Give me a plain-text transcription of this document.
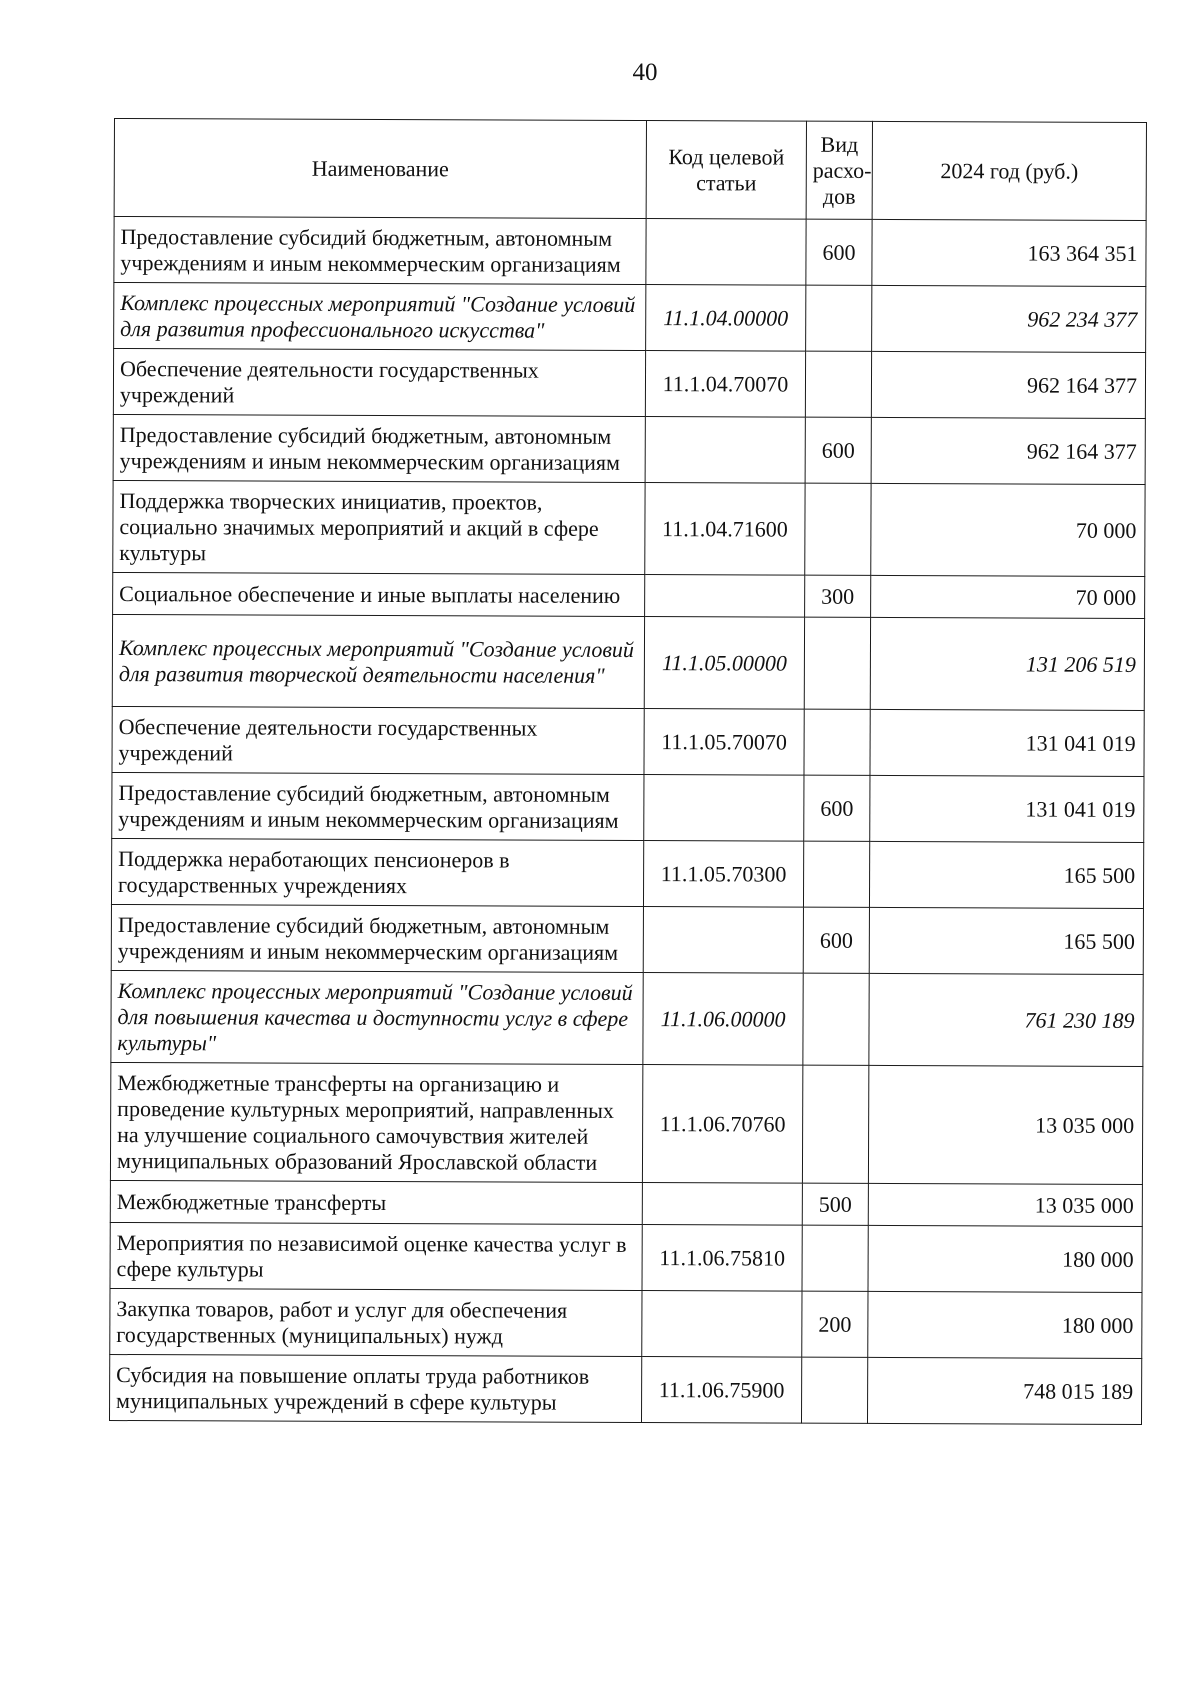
40
Наименование	Код целевой статьи	Вид расхо-дов	2024 год (руб.)
Предоставление субсидий бюджетным, автономным учреждениям и иным некоммерческим организациям		600	163 364 351
Комплекс процессных мероприятий "Создание условий для развития профессионального искусства"	11.1.04.00000		962 234 377
Обеспечение деятельности государственных учреждений	11.1.04.70070		962 164 377
Предоставление субсидий бюджетным, автономным учреждениям и иным некоммерческим организациям		600	962 164 377
Поддержка творческих инициатив, проектов, социально значимых мероприятий и акций в сфере культуры	11.1.04.71600		70 000
Социальное обеспечение и иные выплаты населению		300	70 000
Комплекс процессных мероприятий "Создание условий для развития творческой деятельности населения"	11.1.05.00000		131 206 519
Обеспечение деятельности государственных учреждений	11.1.05.70070		131 041 019
Предоставление субсидий бюджетным, автономным учреждениям и иным некоммерческим организациям		600	131 041 019
Поддержка неработающих пенсионеров в государственных учреждениях	11.1.05.70300		165 500
Предоставление субсидий бюджетным, автономным учреждениям и иным некоммерческим организациям		600	165 500
Комплекс процессных мероприятий "Создание условий для повышения качества и доступности услуг в сфере культуры"	11.1.06.00000		761 230 189
Межбюджетные трансферты на организацию и проведение культурных мероприятий, направленных на улучшение социального самочувствия жителей муниципальных образований Ярославской области	11.1.06.70760		13 035 000
Межбюджетные трансферты		500	13 035 000
Мероприятия по независимой оценке качества услуг в сфере культуры	11.1.06.75810		180 000
Закупка товаров, работ и услуг для обеспечения государственных (муниципальных) нужд		200	180 000
Субсидия на повышение оплаты труда работников муниципальных учреждений в сфере культуры	11.1.06.75900		748 015 189
